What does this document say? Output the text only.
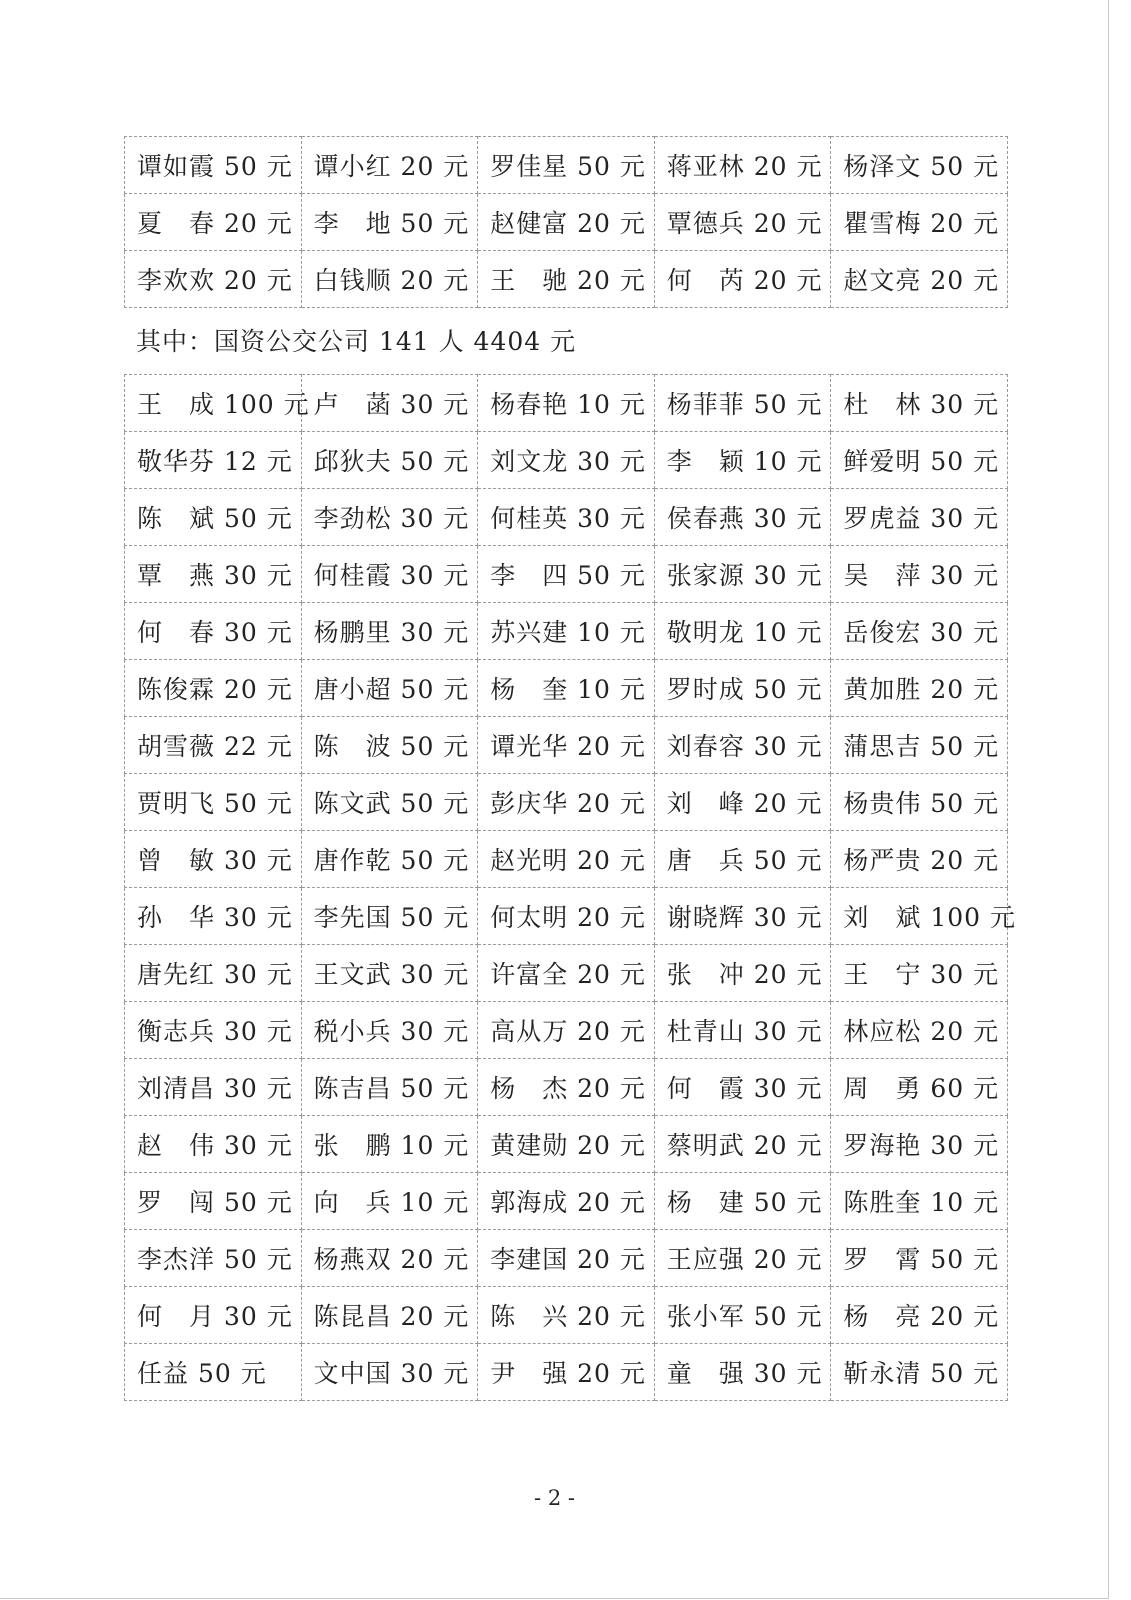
谭如霞 50 元	谭小红 20 元	罗佳星 50 元	蒋亚林 20 元	杨泽文 50 元
夏　春 20 元	李　地 50 元	赵健富 20 元	覃德兵 20 元	瞿雪梅 20 元
李欢欢 20 元	白钱顺 20 元	王　驰 20 元	何　芮 20 元	赵文亮 20 元
其中：国资公交公司 141 人 4404 元
王　成 100 元	卢　菡 30 元	杨春艳 10 元	杨菲菲 50 元	杜　林 30 元
敬华芬 12 元	邱狄夫 50 元	刘文龙 30 元	李　颖 10 元	鲜爱明 50 元
陈　斌 50 元	李劲松 30 元	何桂英 30 元	侯春燕 30 元	罗虎益 30 元
覃　燕 30 元	何桂霞 30 元	李　四 50 元	张家源 30 元	吴　萍 30 元
何　春 30 元	杨鹏里 30 元	苏兴建 10 元	敬明龙 10 元	岳俊宏 30 元
陈俊霖 20 元	唐小超 50 元	杨　奎 10 元	罗时成 50 元	黄加胜 20 元
胡雪薇 22 元	陈　波 50 元	谭光华 20 元	刘春容 30 元	蒲思吉 50 元
贾明飞 50 元	陈文武 50 元	彭庆华 20 元	刘　峰 20 元	杨贵伟 50 元
曾　敏 30 元	唐作乾 50 元	赵光明 20 元	唐　兵 50 元	杨严贵 20 元
孙　华 30 元	李先国 50 元	何太明 20 元	谢晓辉 30 元	刘　斌 100 元
唐先红 30 元	王文武 30 元	许富全 20 元	张　冲 20 元	王　宁 30 元
衡志兵 30 元	税小兵 30 元	高从万 20 元	杜青山 30 元	林应松 20 元
刘清昌 30 元	陈吉昌 50 元	杨　杰 20 元	何　霞 30 元	周　勇 60 元
赵　伟 30 元	张　鹏 10 元	黄建勋 20 元	蔡明武 20 元	罗海艳 30 元
罗　闯 50 元	向　兵 10 元	郭海成 20 元	杨　建 50 元	陈胜奎 10 元
李杰洋 50 元	杨燕双 20 元	李建国 20 元	王应强 20 元	罗　霄 50 元
何　月 30 元	陈昆昌 20 元	陈　兴 20 元	张小军 50 元	杨　亮 20 元
任益 50 元	文中国 30 元	尹　强 20 元	童　强 30 元	靳永清 50 元
- 2 -
